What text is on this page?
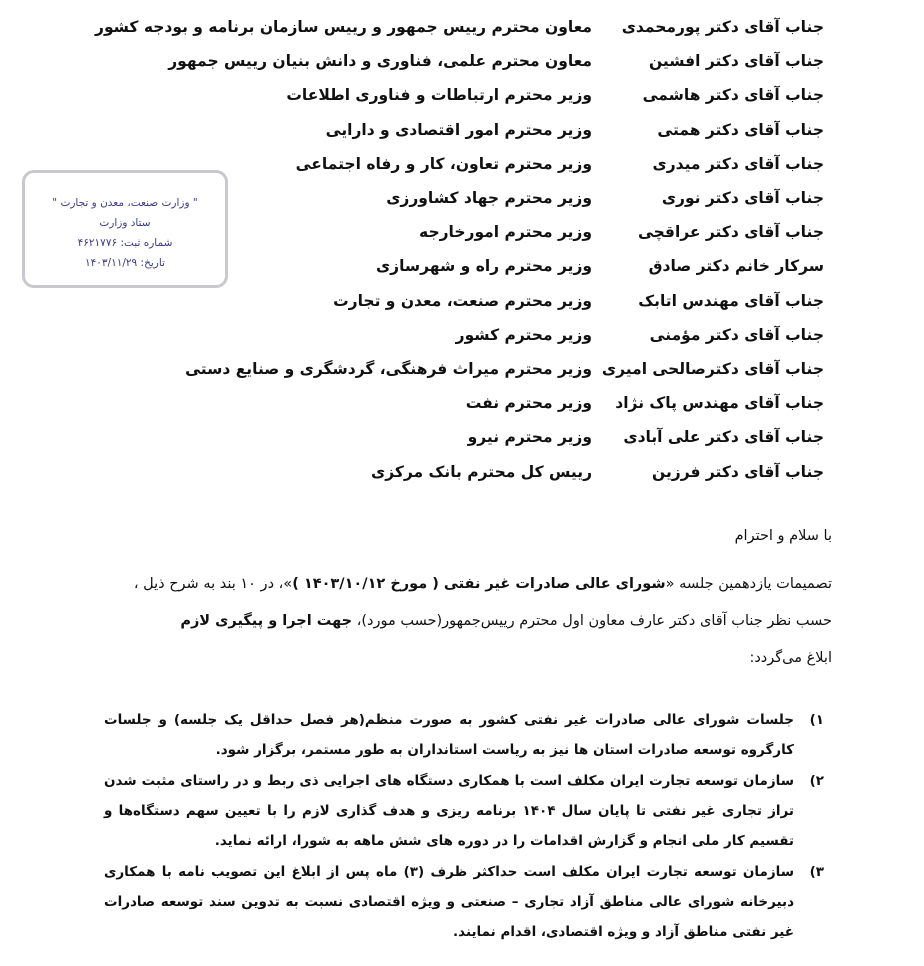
جناب آقای دکتر پورمحمدی
معاون محترم رییس جمهور و رییس سازمان برنامه و بودجه کشور
جناب آقای دکتر افشین
معاون محترم علمی، فناوری و دانش بنیان رییس جمهور
جناب آقای دکتر هاشمی
وزیر محترم ارتباطات و فناوری اطلاعات
جناب آقای دکتر همتی
وزیر محترم امور اقتصادی و دارایی
جناب آقای دکتر میدری
وزیر محترم تعاون، کار و رفاه اجتماعی
جناب آقای دکتر نوری
وزیر محترم جهاد کشاورزی
جناب آقای دکتر عراقچی
وزیر محترم امورخارجه
سرکار خانم دکتر صادق
وزیر محترم راه و شهرسازی
جناب آقای مهندس اتابک
وزیر محترم صنعت، معدن و تجارت
جناب آقای دکتر مؤمنی
وزیر محترم کشور
جناب آقای دکترصالحی امیری
وزیر محترم میراث فرهنگی، گردشگری و صنایع دستی
جناب آقای مهندس پاک نژاد
وزیر محترم نفت
جناب آقای دکتر علی آبادی
وزیر محترم نیرو
جناب آقای دکتر فرزین
رییس کل محترم بانک مرکزی
" وزارت صنعت، معدن و تجارت "
ستاد وزارت
شماره ثبت: ۴۶۲۱۷۷۶
تاریخ: ۱۴۰۳/۱۱/۲۹
با سلام و احترام

تصمیمات یازدهمین جلسه «شورای عالی صادرات غیر نفتی ( مورخ ۱۴۰۳/۱۰/۱۲ )»، در ۱۰ بند به شرح ذیل ،

حسب نظر جناب آقای دکتر عارف معاون اول محترم رییس‌جمهور(حسب مورد)، جهت اجرا و پیگیری لازم

ابلاغ می‌گردد:

۱)
جلسات شورای عالی صادرات غیر نفتی کشور به صورت منظم(هر فصل حداقل یک جلسه) و جلسات کارگروه توسعه صادرات استان ها نیز به ریاست استانداران به طور مستمر، برگزار شود.
۲)
سازمان توسعه تجارت ایران مکلف است با همکاری دستگاه های اجرایی ذی ربط و در راستای مثبت شدن تراز تجاری غیر نفتی تا پایان سال ۱۴۰۴ برنامه ریزی و هدف گذاری لازم را با تعیین سهم دستگاه‌ها و تقسیم کار ملی انجام و گزارش اقدامات را در دوره های شش ماهه به شورا، ارائه نماید.
۳)
سازمان توسعه تجارت ایران مکلف است حداکثر ظرف (۳) ماه پس از ابلاغ این تصویب نامه با همکاری دبیرخانه شورای عالی مناطق آزاد تجاری – صنعتی و ویژه اقتصادی نسبت به تدوین سند توسعه صادرات غیر نفتی مناطق آزاد و ویژه اقتصادی، اقدام نمایند.
